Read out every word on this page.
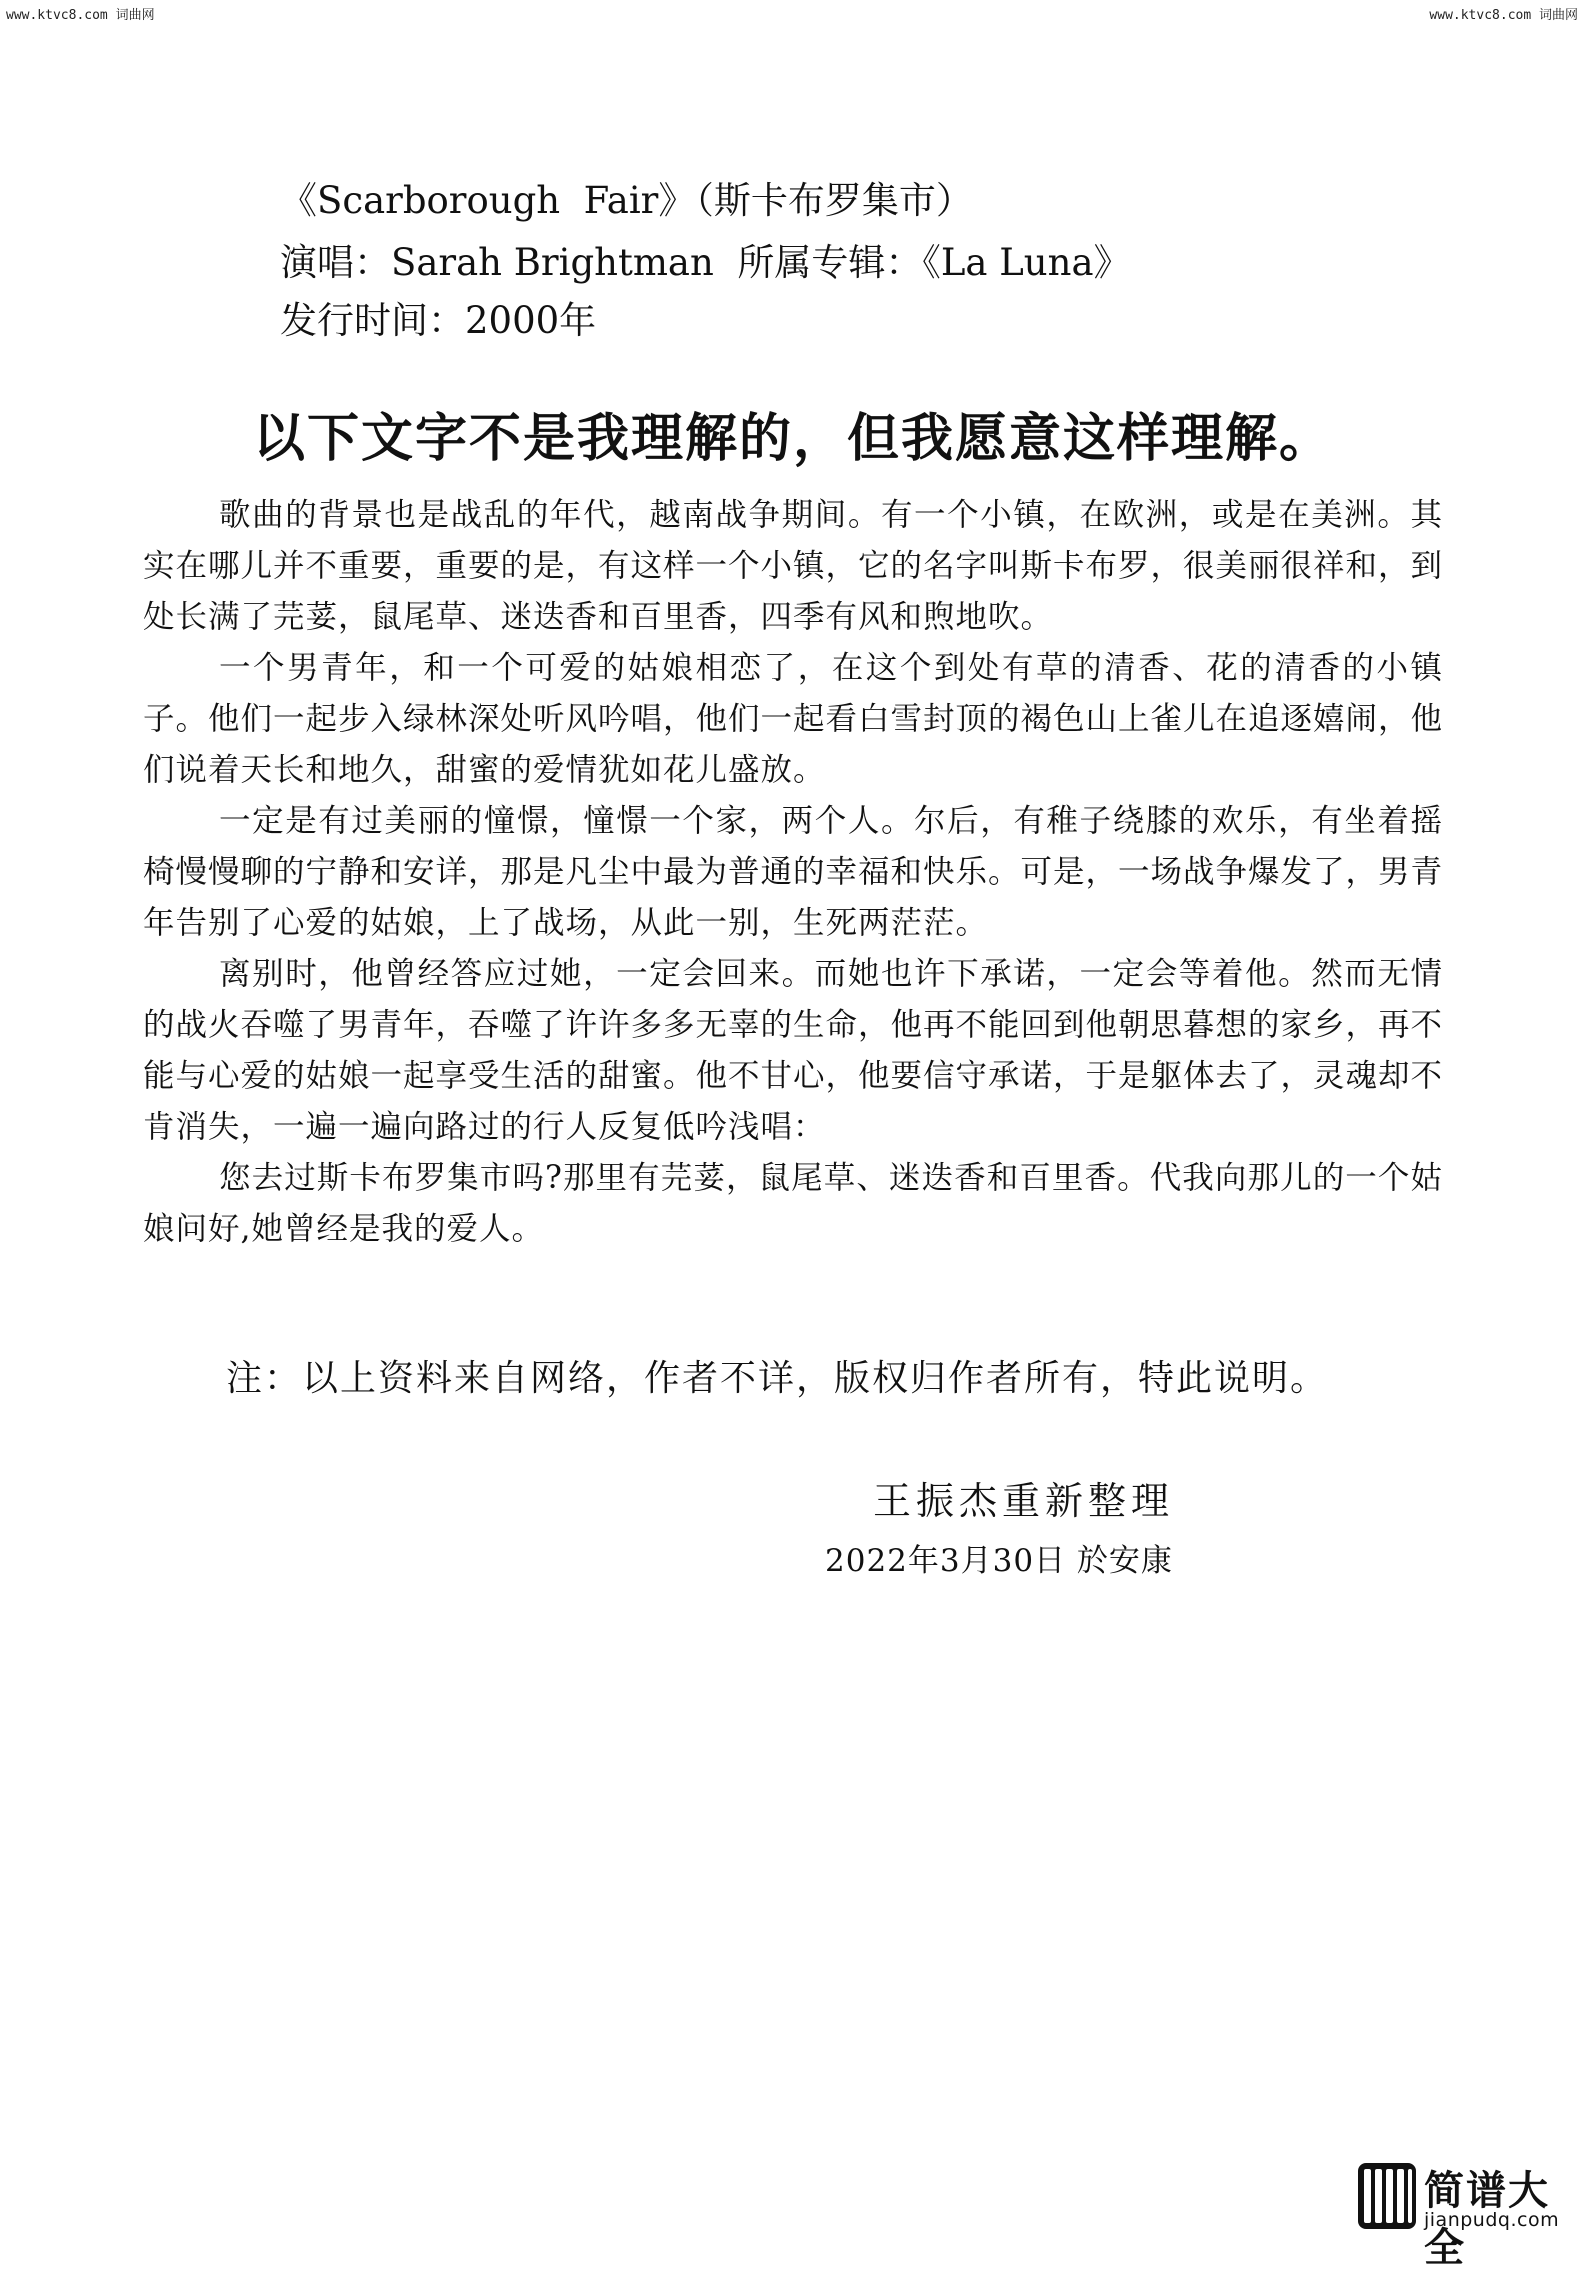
www.ktvc8.com 词曲网	www.ktvc8.com 词曲网
《Scarborough  Fair》（斯卡布罗集市）
演唱：Sarah Brightman  所属专辑：《La Luna》
发行时间：2000年
以下文字不是我理解的，但我愿意这样理解。

歌曲的背景也是战乱的年代，越南战争期间。有一个小镇，在欧洲，或是在美洲。其实在哪儿并不重要，重要的是，有这样一个小镇，它的名字叫斯卡布罗，很美丽很祥和，到处长满了芫荽，鼠尾草、迷迭香和百里香，四季有风和煦地吹。

一个男青年，和一个可爱的姑娘相恋了，在这个到处有草的清香、花的清香的小镇子。他们一起步入绿林深处听风吟唱，他们一起看白雪封顶的褐色山上雀儿在追逐嬉闹，他们说着天长和地久，甜蜜的爱情犹如花儿盛放。

一定是有过美丽的憧憬，憧憬一个家，两个人。尔后，有稚子绕膝的欢乐，有坐着摇椅慢慢聊的宁静和安详，那是凡尘中最为普通的幸福和快乐。可是，一场战争爆发了，男青年告别了心爱的姑娘，上了战场，从此一别，生死两茫茫。

离别时，他曾经答应过她，一定会回来。而她也许下承诺，一定会等着他。然而无情的战火吞噬了男青年，吞噬了许许多多无辜的生命，他再不能回到他朝思暮想的家乡，再不能与心爱的姑娘一起享受生活的甜蜜。他不甘心，他要信守承诺，于是躯体去了，灵魂却不肯消失，一遍一遍向路过的行人反复低吟浅唱：

您去过斯卡布罗集市吗?那里有芫荽，鼠尾草、迷迭香和百里香。代我向那儿的一个姑娘问好,她曾经是我的爱人。

注：以上资料来自网络，作者不详，版权归作者所有，特此说明。
王振杰重新整理
2022年3月30日 於安康
简谱大全
jianpudq.com
